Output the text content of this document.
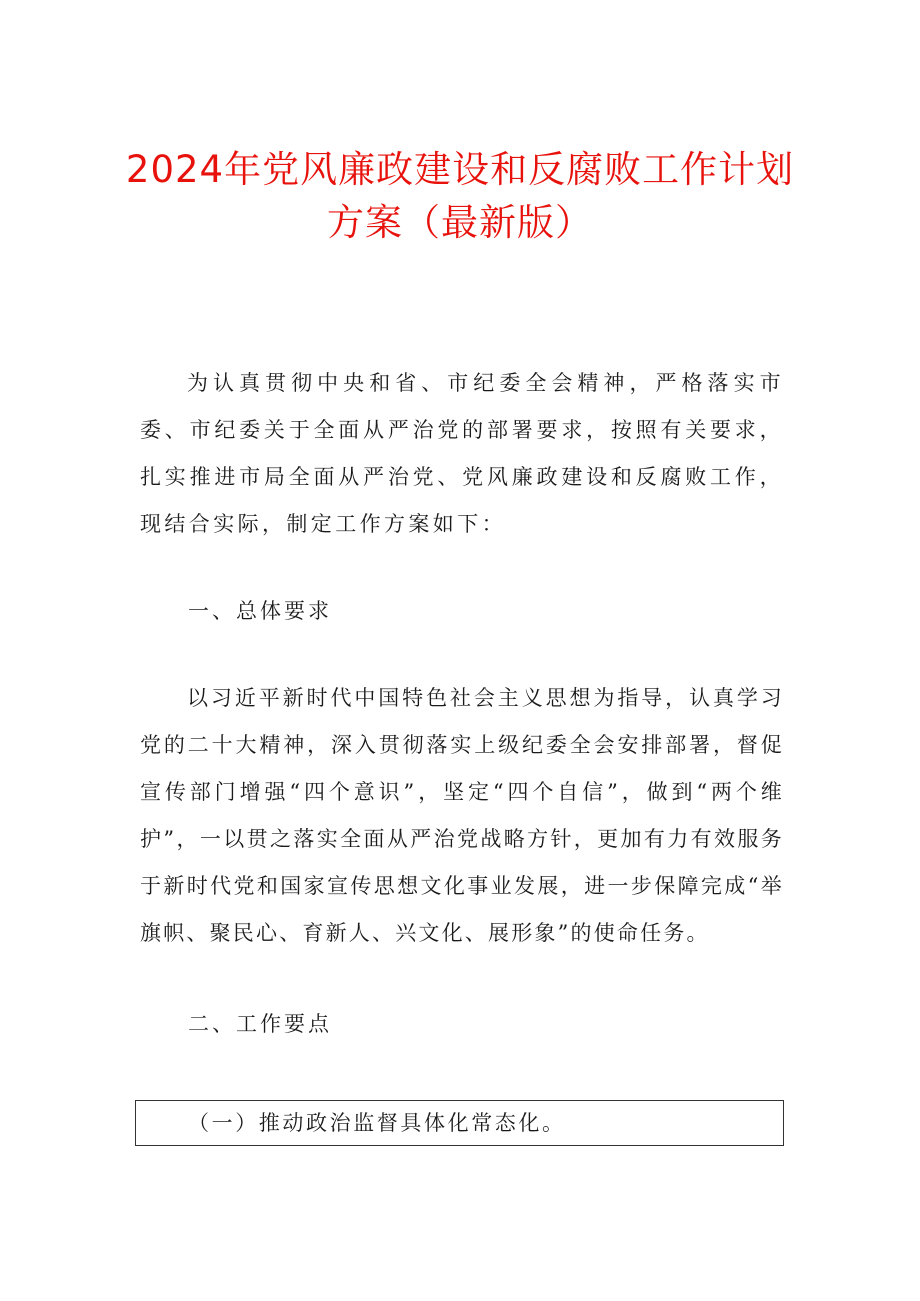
2024年党风廉政建设和反腐败工作计划
方案（最新版）

为认真贯彻中央和省、市纪委全会精神，严格落实市委、市纪委关于全面从严治党的部署要求，按照有关要求，扎实推进市局全面从严治党、党风廉政建设和反腐败工作，现结合实际，制定工作方案如下：

一、总体要求

以习近平新时代中国特色社会主义思想为指导，认真学习党的二十大精神，深入贯彻落实上级纪委全会安排部署，督促宣传部门增强“四个意识”，坚定“四个自信”，做到“两个维护”，一以贯之落实全面从严治党战略方针，更加有力有效服务于新时代党和国家宣传思想文化事业发展，进一步保障完成“举旗帜、聚民心、育新人、兴文化、展形象”的使命任务。

二、工作要点

（一）推动政治监督具体化常态化。
